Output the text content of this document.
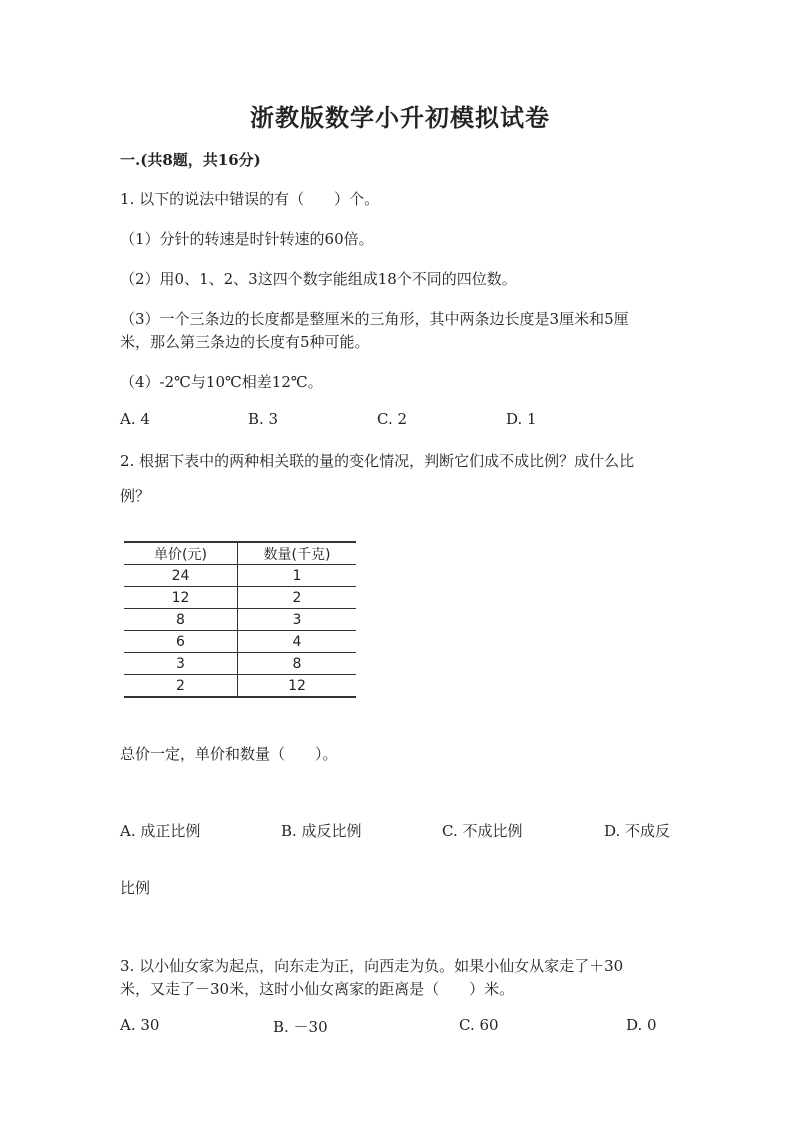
浙教版数学小升初模拟试卷
一.(共8题，共16分)
1. 以下的说法中错误的有（　　）个。
（1）分针的转速是时针转速的60倍。
（2）用0、1、2、3这四个数字能组成18个不同的四位数。
（3）一个三条边的长度都是整厘米的三角形，其中两条边长度是3厘米和5厘
米，那么第三条边的长度有5种可能。
（4）-2℃与10℃相差12℃。
A. 4	B. 3	C. 2	D. 1
2. 根据下表中的两种相关联的量的变化情况，判断它们成不成比例？成什么比
例？
单价(元)	数量(千克)
24	1
12	2
8	3
6	4
3	8
2	12
总价一定，单价和数量（　　）。
A. 成正比例	B. 成反比例	C. 不成比例	D. 不成反
比例
3. 以小仙女家为起点，向东走为正，向西走为负。如果小仙女从家走了＋30
米，又走了－30米，这时小仙女离家的距离是（　　）米。
A. 30	B. －30	C. 60	D. 0
